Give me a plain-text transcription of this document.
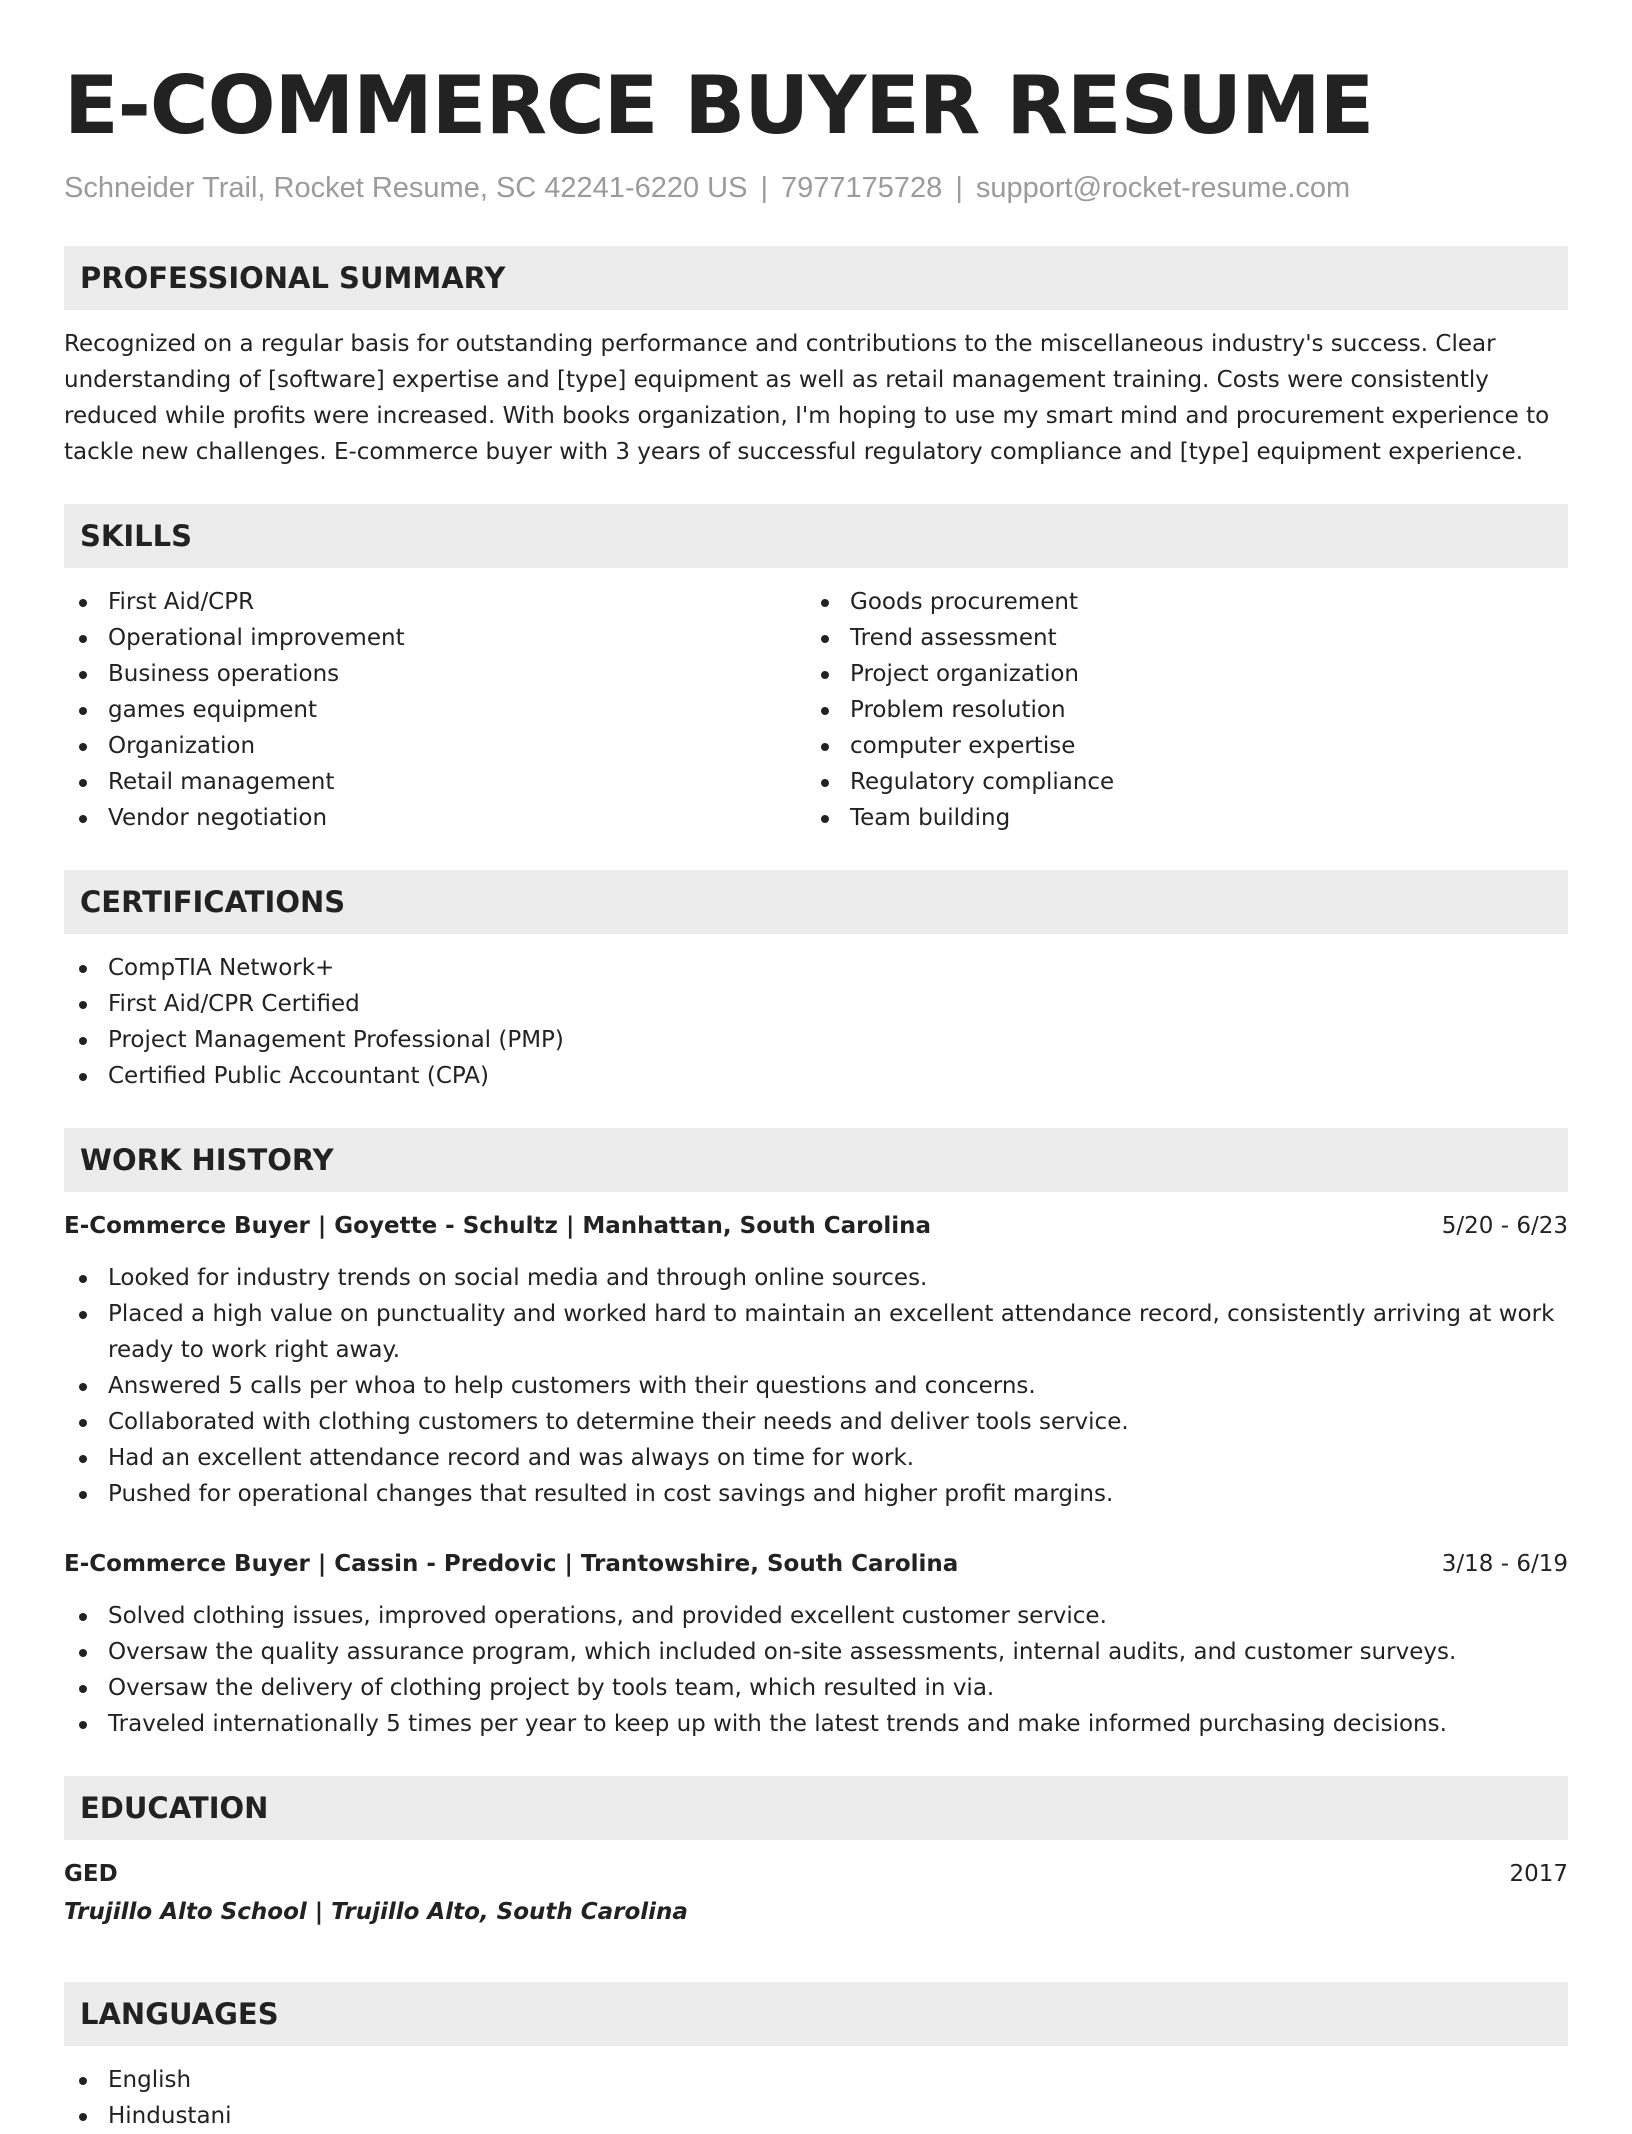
E-COMMERCE BUYER RESUME
Schneider Trail, Rocket Resume, SC 42241-6220 US | 7977175728 | support@rocket-resume.com
PROFESSIONAL SUMMARY

Recognized on a regular basis for outstanding performance and contributions to the miscellaneous industry's success. Clear understanding of [software] expertise and [type] equipment as well as retail management training. Costs were consistently reduced while profits were increased. With books organization, I'm hoping to use my smart mind and procurement experience to tackle new challenges. E-commerce buyer with 3 years of successful regulatory compliance and [type] equipment experience.

SKILLS
First Aid/CPR
Operational improvement
Business operations
games equipment
Organization
Retail management
Vendor negotiation
Goods procurement
Trend assessment
Project organization
Problem resolution
computer expertise
Regulatory compliance
Team building
CERTIFICATIONS
CompTIA Network+
First Aid/CPR Certified
Project Management Professional (PMP)
Certified Public Accountant (CPA)
WORK HISTORY
E-Commerce Buyer | Goyette - Schultz | Manhattan, South Carolina	5/20 - 6/23
Looked for industry trends on social media and through online sources.
Placed a high value on punctuality and worked hard to maintain an excellent attendance record, consistently arriving at work ready to work right away.
Answered 5 calls per whoa to help customers with their questions and concerns.
Collaborated with clothing customers to determine their needs and deliver tools service.
Had an excellent attendance record and was always on time for work.
Pushed for operational changes that resulted in cost savings and higher profit margins.
E-Commerce Buyer | Cassin - Predovic | Trantowshire, South Carolina	3/18 - 6/19
Solved clothing issues, improved operations, and provided excellent customer service.
Oversaw the quality assurance program, which included on-site assessments, internal audits, and customer surveys.
Oversaw the delivery of clothing project by tools team, which resulted in via.
Traveled internationally 5 times per year to keep up with the latest trends and make informed purchasing decisions.
EDUCATION
GED	2017
Trujillo Alto School | Trujillo Alto, South Carolina
LANGUAGES
English
Hindustani
